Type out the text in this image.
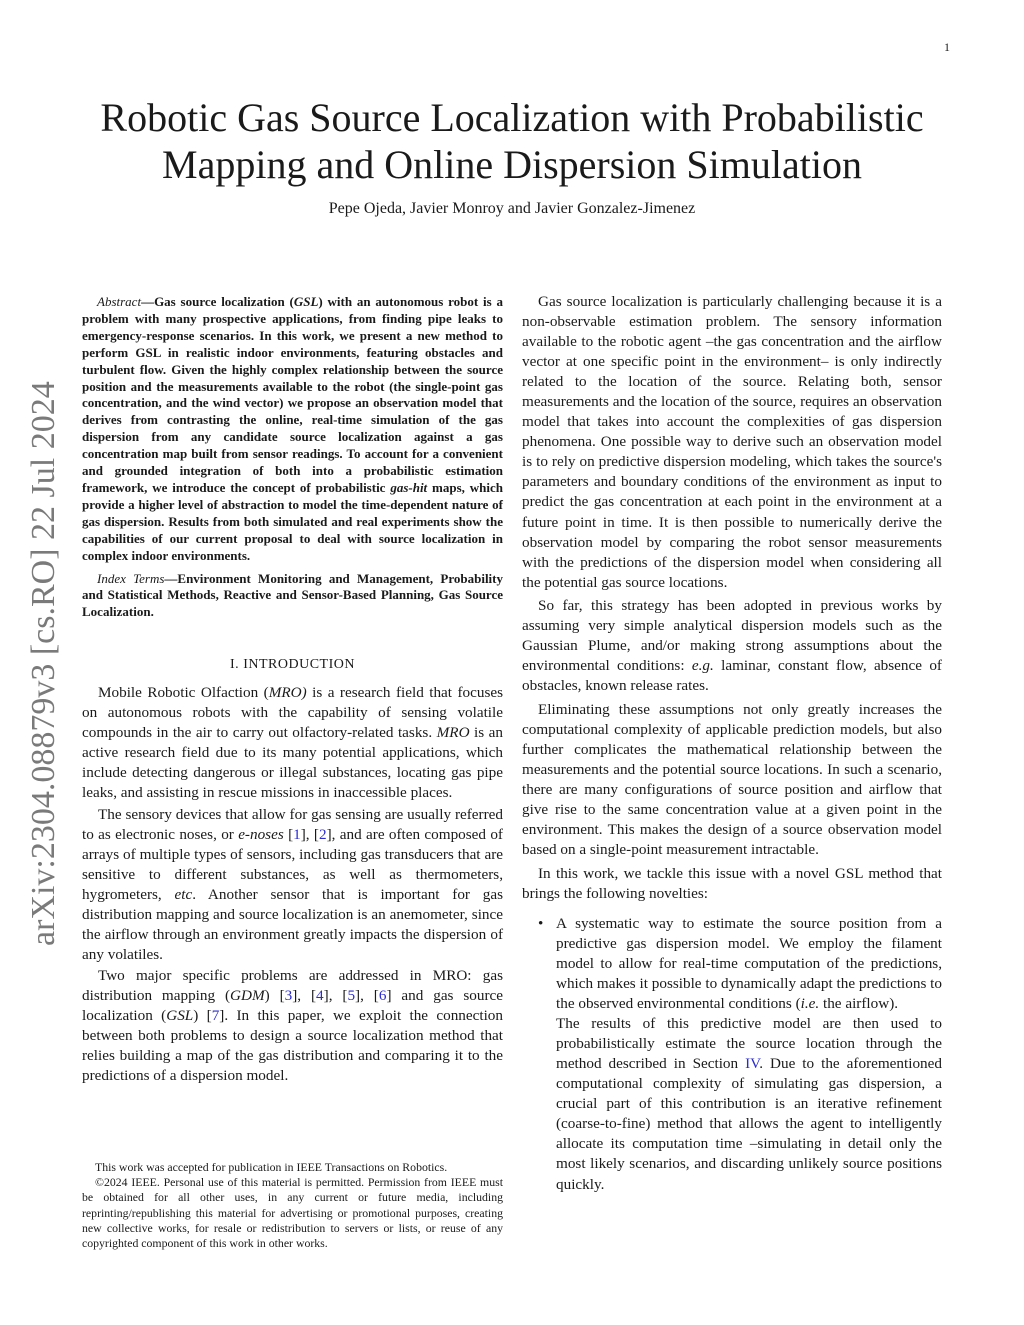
1
arXiv:2304.08879v3 [cs.RO] 22 Jul 2024
Robotic Gas Source Localization with Probabilistic
Mapping and Online Dispersion Simulation
Pepe Ojeda, Javier Monroy and Javier Gonzalez-Jimenez

Abstract—Gas source localization (GSL) with an autonomous robot is a problem with many prospective applications, from finding pipe leaks to emergency-response scenarios. In this work, we present a new method to perform GSL in realistic indoor environments, featuring obstacles and turbulent flow. Given the highly complex relationship between the source position and the measurements available to the robot (the single-point gas concentration, and the wind vector) we propose an observation model that derives from contrasting the online, real-time simulation of the gas dispersion from any candidate source localization against a gas concentration map built from sensor readings. To account for a convenient and grounded integration of both into a probabilistic estimation framework, we introduce the concept of probabilistic gas-hit maps, which provide a higher level of abstraction to model the time-dependent nature of gas dispersion. Results from both simulated and real experiments show the capabilities of our current proposal to deal with source localization in complex indoor environments.

Index Terms—Environment Monitoring and Management, Probability and Statistical Methods, Reactive and Sensor-Based Planning, Gas Source Localization.

I. INTRODUCTION

Mobile Robotic Olfaction (MRO) is a research field that focuses on autonomous robots with the capability of sensing volatile compounds in the air to carry out olfactory-related tasks. MRO is an active research field due to its many potential applications, which include detecting dangerous or illegal substances, locating gas pipe leaks, and assisting in rescue missions in inaccessible places.

The sensory devices that allow for gas sensing are usually referred to as electronic noses, or e-noses [1], [2], and are often composed of arrays of multiple types of sensors, including gas transducers that are sensitive to different substances, as well as thermometers, hygrometers, etc. Another sensor that is important for gas distribution mapping and source localization is an anemometer, since the airflow through an environment greatly impacts the dispersion of any volatiles.

Two major specific problems are addressed in MRO: gas distribution mapping (GDM) [3], [4], [5], [6] and gas source localization (GSL) [7]. In this paper, we exploit the connection between both problems to design a source localization method that relies building a map of the gas distribution and comparing it to the predictions of a dispersion model.

This work was accepted for publication in IEEE Transactions on Robotics.

©2024 IEEE. Personal use of this material is permitted. Permission from IEEE must be obtained for all other uses, in any current or future media, including reprinting/republishing this material for advertising or promotional purposes, creating new collective works, for resale or redistribution to servers or lists, or reuse of any copyrighted component of this work in other works.

Gas source localization is particularly challenging because it is a non-observable estimation problem. The sensory information available to the robotic agent –the gas concentration and the airflow vector at one specific point in the environment– is only indirectly related to the location of the source. Relating both, sensor measurements and the location of the source, requires an observation model that takes into account the complexities of gas dispersion phenomena. One possible way to derive such an observation model is to rely on predictive dispersion modeling, which takes the source's parameters and boundary conditions of the environment as input to predict the gas concentration at each point in the environment at a future point in time. It is then possible to numerically derive the observation model by comparing the robot sensor measurements with the predictions of the dispersion model when considering all the potential gas source locations.

So far, this strategy has been adopted in previous works by assuming very simple analytical dispersion models such as the Gaussian Plume, and/or making strong assumptions about the environmental conditions: e.g. laminar, constant flow, absence of obstacles, known release rates.

Eliminating these assumptions not only greatly increases the computational complexity of applicable prediction models, but also further complicates the mathematical relationship between the measurements and the potential source locations. In such a scenario, there are many configurations of source position and airflow that give rise to the same concentration value at a given point in the environment. This makes the design of a source observation model based on a single-point measurement intractable.

In this work, we tackle this issue with a novel GSL method that brings the following novelties:

• A systematic way to estimate the source position from a predictive gas dispersion model. We employ the filament model to allow for real-time computation of the predictions, which makes it possible to dynamically adapt the predictions to the observed environmental conditions (i.e. the airflow).

The results of this predictive model are then used to probabilistically estimate the source location through the method described in Section IV. Due to the aforementioned computational complexity of simulating gas dispersion, a crucial part of this contribution is an iterative refinement (coarse-to-fine) method that allows the agent to intelligently allocate its computation time –simulating in detail only the most likely scenarios, and discarding unlikely source positions quickly.
